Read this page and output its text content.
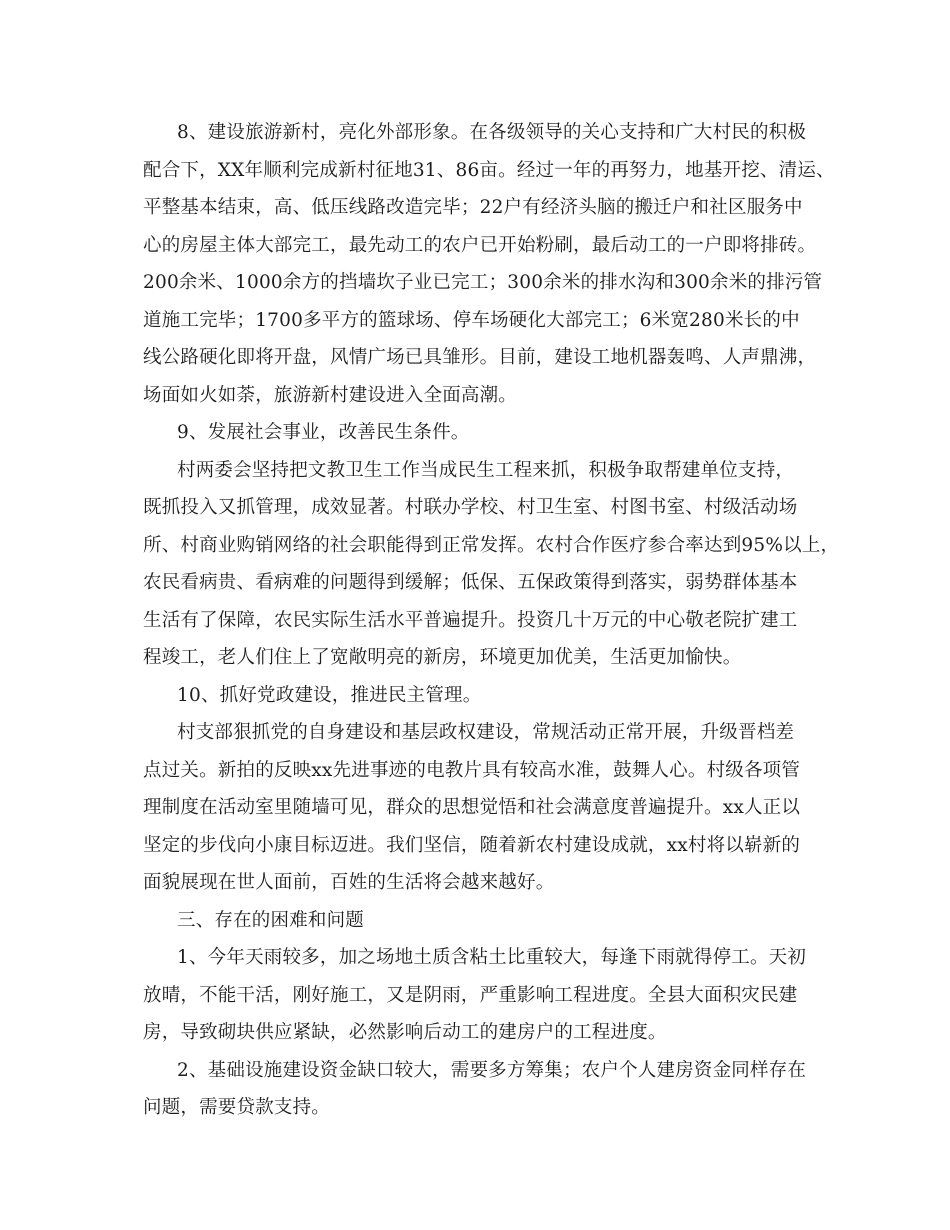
8、建设旅游新村，亮化外部形象。在各级领导的关心支持和广大村民的积极
配合下，XX年顺利完成新村征地31、86亩。经过一年的再努力，地基开挖、清运、
平整基本结束，高、低压线路改造完毕；22户有经济头脑的搬迁户和社区服务中
心的房屋主体大部完工，最先动工的农户已开始粉刷，最后动工的一户即将排砖。
200余米、1000余方的挡墙坎子业已完工；300余米的排水沟和300余米的排污管
道施工完毕；1700多平方的篮球场、停车场硬化大部完工；6米宽280米长的中
线公路硬化即将开盘，风情广场已具雏形。目前，建设工地机器轰鸣、人声鼎沸，
场面如火如荼，旅游新村建设进入全面高潮。
9、发展社会事业，改善民生条件。
村两委会坚持把文教卫生工作当成民生工程来抓，积极争取帮建单位支持，
既抓投入又抓管理，成效显著。村联办学校、村卫生室、村图书室、村级活动场
所、村商业购销网络的社会职能得到正常发挥。农村合作医疗参合率达到95%以上，
农民看病贵、看病难的问题得到缓解；低保、五保政策得到落实，弱势群体基本
生活有了保障，农民实际生活水平普遍提升。投资几十万元的中心敬老院扩建工
程竣工，老人们住上了宽敞明亮的新房，环境更加优美，生活更加愉快。
10、抓好党政建设，推进民主管理。
村支部狠抓党的自身建设和基层政权建设，常规活动正常开展，升级晋档差
点过关。新拍的反映xx先进事迹的电教片具有较高水准，鼓舞人心。村级各项管
理制度在活动室里随墙可见，群众的思想觉悟和社会满意度普遍提升。xx人正以
坚定的步伐向小康目标迈进。我们坚信，随着新农村建设成就，xx村将以崭新的
面貌展现在世人面前，百姓的生活将会越来越好。
三、存在的困难和问题
1、今年天雨较多，加之场地土质含粘土比重较大，每逢下雨就得停工。天初
放晴，不能干活，刚好施工，又是阴雨，严重影响工程进度。全县大面积灾民建
房，导致砌块供应紧缺，必然影响后动工的建房户的工程进度。
2、基础设施建设资金缺口较大，需要多方筹集；农户个人建房资金同样存在
问题，需要贷款支持。
